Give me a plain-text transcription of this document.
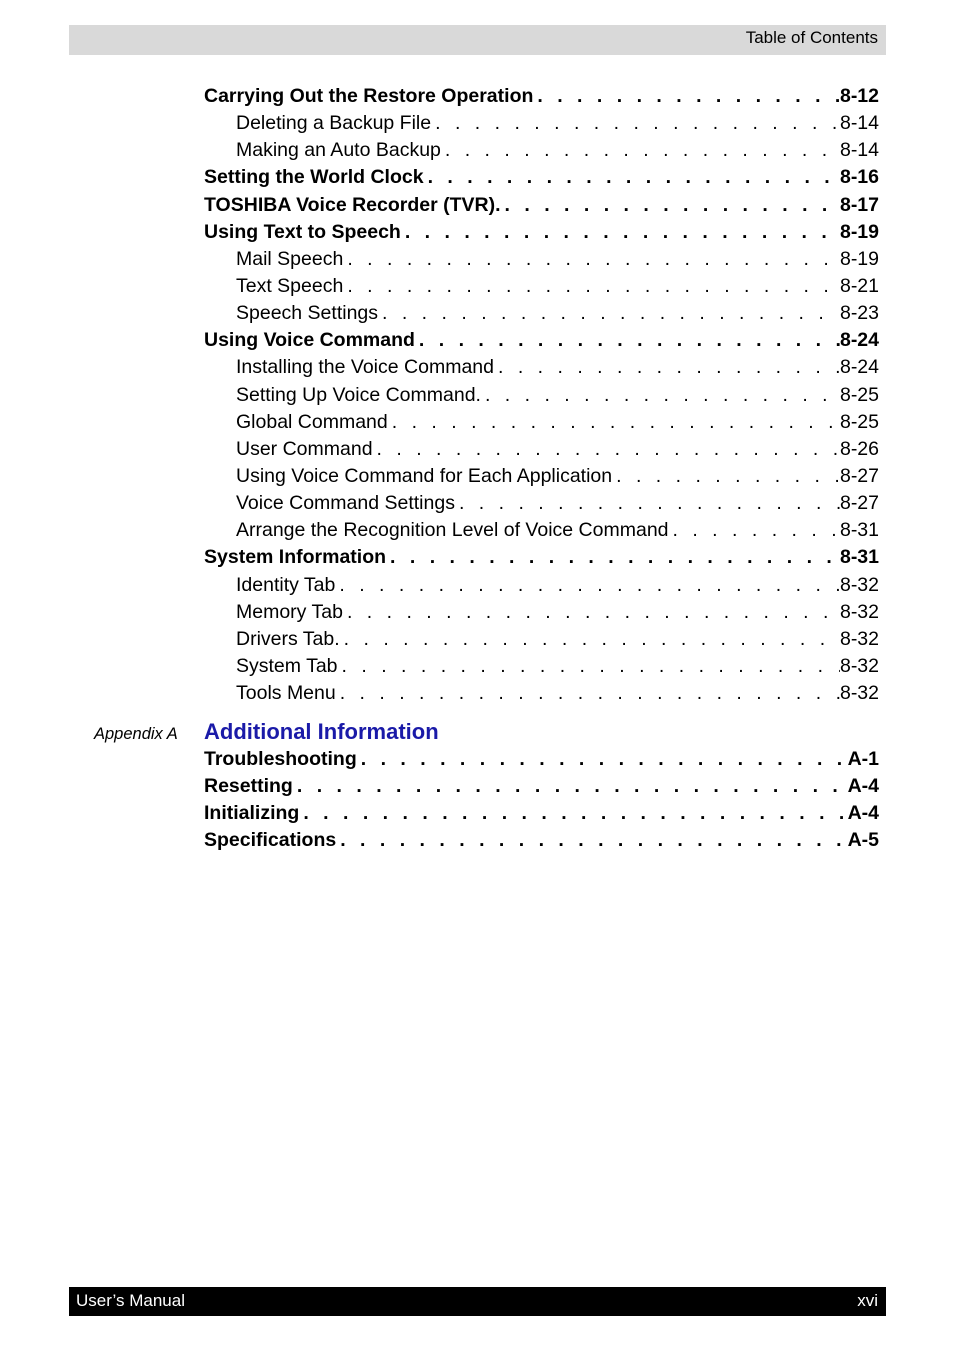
Table of Contents
Carrying Out the Restore Operation . . .	8-12
Deleting a Backup File . . .	8-14
Making an Auto Backup . . .	8-14
Setting the World Clock . . .	8-16
TOSHIBA Voice Recorder (TVR). . . .	8-17
Using Text to Speech . . .	8-19
Mail Speech . . .	8-19
Text Speech . . .	8-21
Speech Settings . . .	8-23
Using Voice Command . . .	8-24
Installing the Voice Command . . .	8-24
Setting Up Voice Command. . . .	8-25
Global Command . . .	8-25
User Command . . .	8-26
Using Voice Command for Each Application . . .	8-27
Voice Command Settings . . .	8-27
Arrange the Recognition Level of Voice Command . . .	8-31
System Information . . .	8-31
Identity Tab . . .	8-32
Memory Tab . . .	8-32
Drivers Tab. . . .	8-32
System Tab . . .	8-32
Tools Menu . . .	8-32
Appendix A Additional Information
Troubleshooting . . .	A-1
Resetting . . .	A-4
Initializing . . .	A-4
Specifications . . .	A-5
User’s Manual	xvi
